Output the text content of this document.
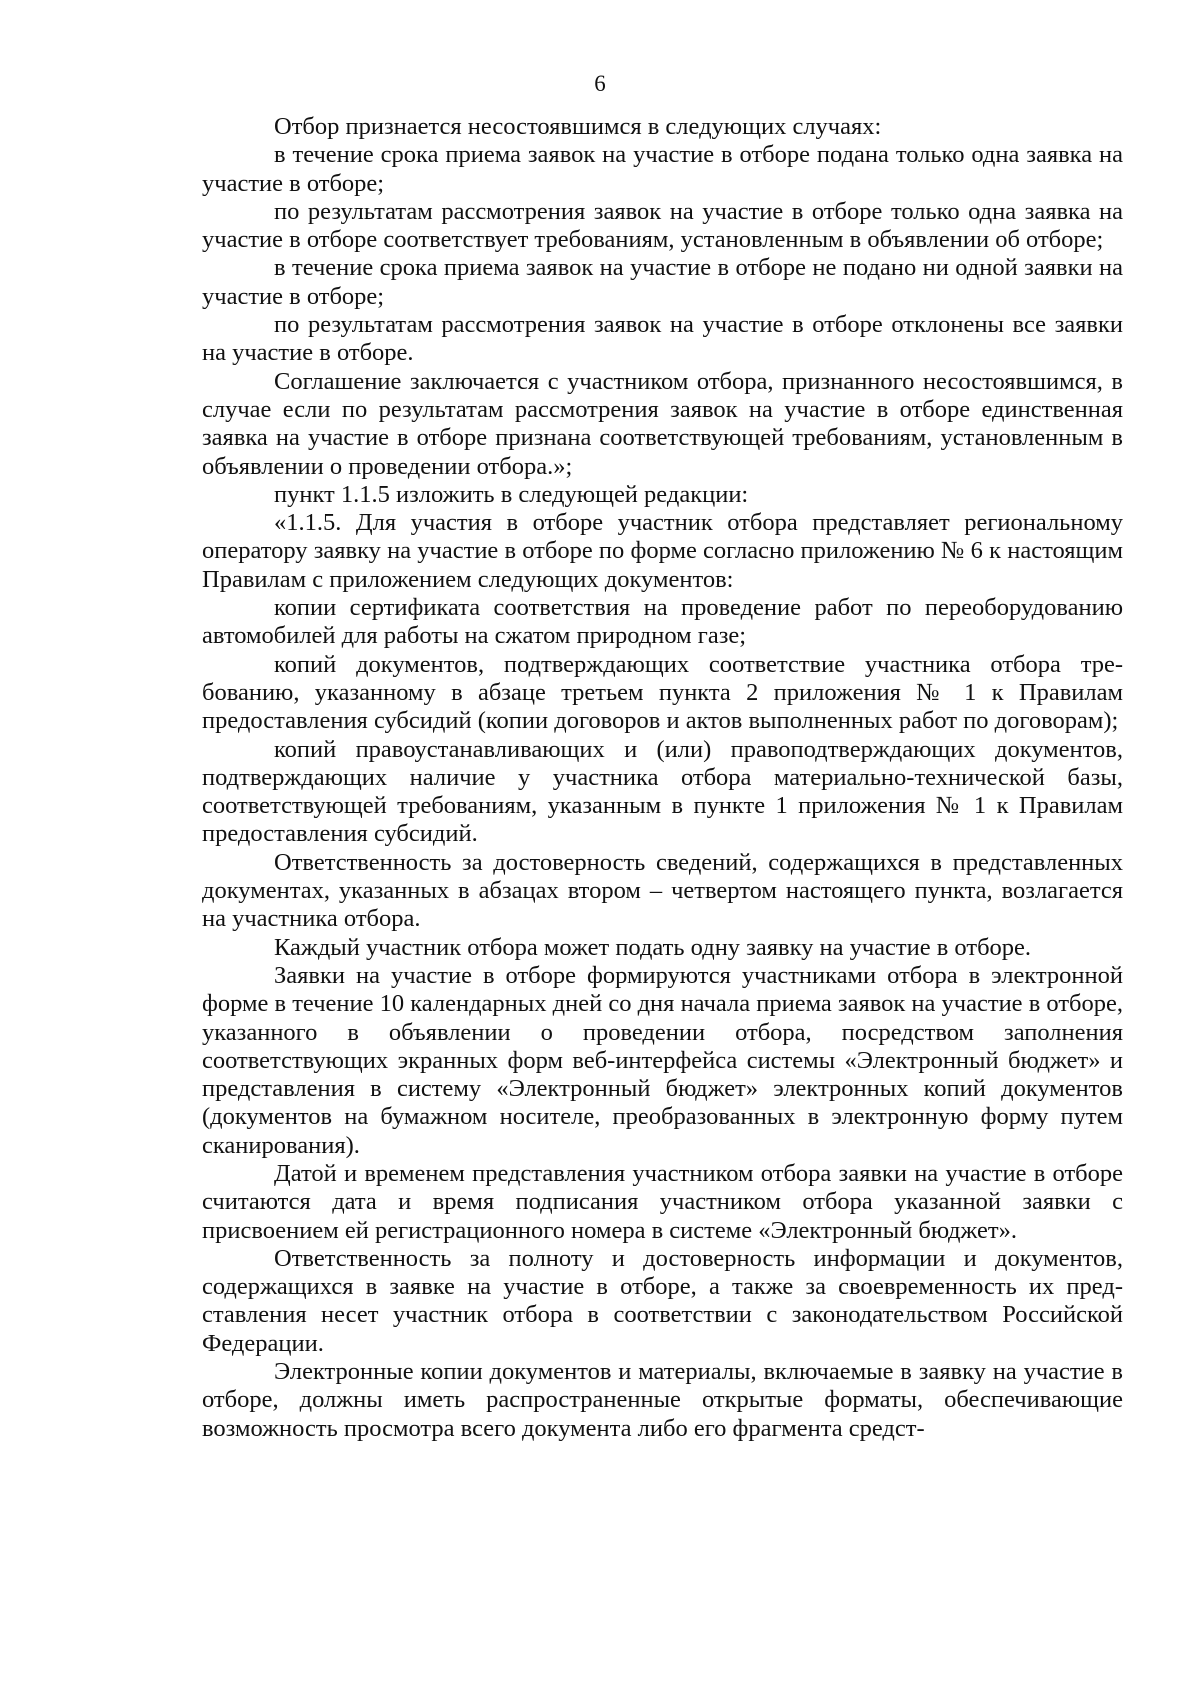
6

Отбор признается несостоявшимся в следующих случаях:

в течение срока приема заявок на участие в отборе подана только одна заявка на участие в отборе;

по результатам рассмотрения заявок на участие в отборе только одна заявка на участие в отборе соответствует требованиям, установленным в объявлении об отборе;

в течение срока приема заявок на участие в отборе не подано ни одной заявки на участие в отборе;

по результатам рассмотрения заявок на участие в отборе отклонены все заявки на участие в отборе.

Соглашение заключается с участником отбора, признанного несостоявшимся, в случае если по результатам рассмотрения заявок на участие в отборе единственная заявка на участие в отборе признана соответствующей требованиям, установленным в объявлении о проведении отбора.»;

пункт 1.1.5 изложить в следующей редакции:

«1.1.5. Для участия в отборе участник отбора представляет региональному оператору заявку на участие в отборе по форме согласно приложению № 6 к настоящим Правилам с приложением следующих документов:

копии сертификата соответствия на проведение работ по переоборудованию автомобилей для работы на сжатом природном газе;

копий документов, подтверждающих соответствие участника отбора требованию, указанному в абзаце третьем пункта 2 приложения № 1 к Правилам предоставления субсидий (копии договоров и актов выполненных работ по договорам);

копий правоустанавливающих и (или) правоподтверждающих документов, подтверждающих наличие у участника отбора материально-технической базы, соответствующей требованиям, указанным в пункте 1 приложения № 1 к Правилам предоставления субсидий.

Ответственность за достоверность сведений, содержащихся в представленных документах, указанных в абзацах втором – четвертом настоящего пункта, возлагается на участника отбора.

Каждый участник отбора может подать одну заявку на участие в отборе.

Заявки на участие в отборе формируются участниками отбора в электронной форме в течение 10 календарных дней со дня начала приема заявок на участие в отборе, указанного в объявлении о проведении отбора, посредством заполнения соответствующих экранных форм веб-интерфейса системы «Электронный бюджет» и представления в систему «Электронный бюджет» электронных копий документов (документов на бумажном носителе, преобразованных в электронную форму путем сканирования).

Датой и временем представления участником отбора заявки на участие в отборе считаются дата и время подписания участником отбора указанной заявки с присвоением ей регистрационного номера в системе «Электронный бюджет».

Ответственность за полноту и достоверность информации и документов, содержащихся в заявке на участие в отборе, а также за своевременность их представления несет участник отбора в соответствии с законодательством Российской Федерации.

Электронные копии документов и материалы, включаемые в заявку на участие в отборе, должны иметь распространенные открытые форматы, обеспечивающие возможность просмотра всего документа либо его фрагмента средст-
